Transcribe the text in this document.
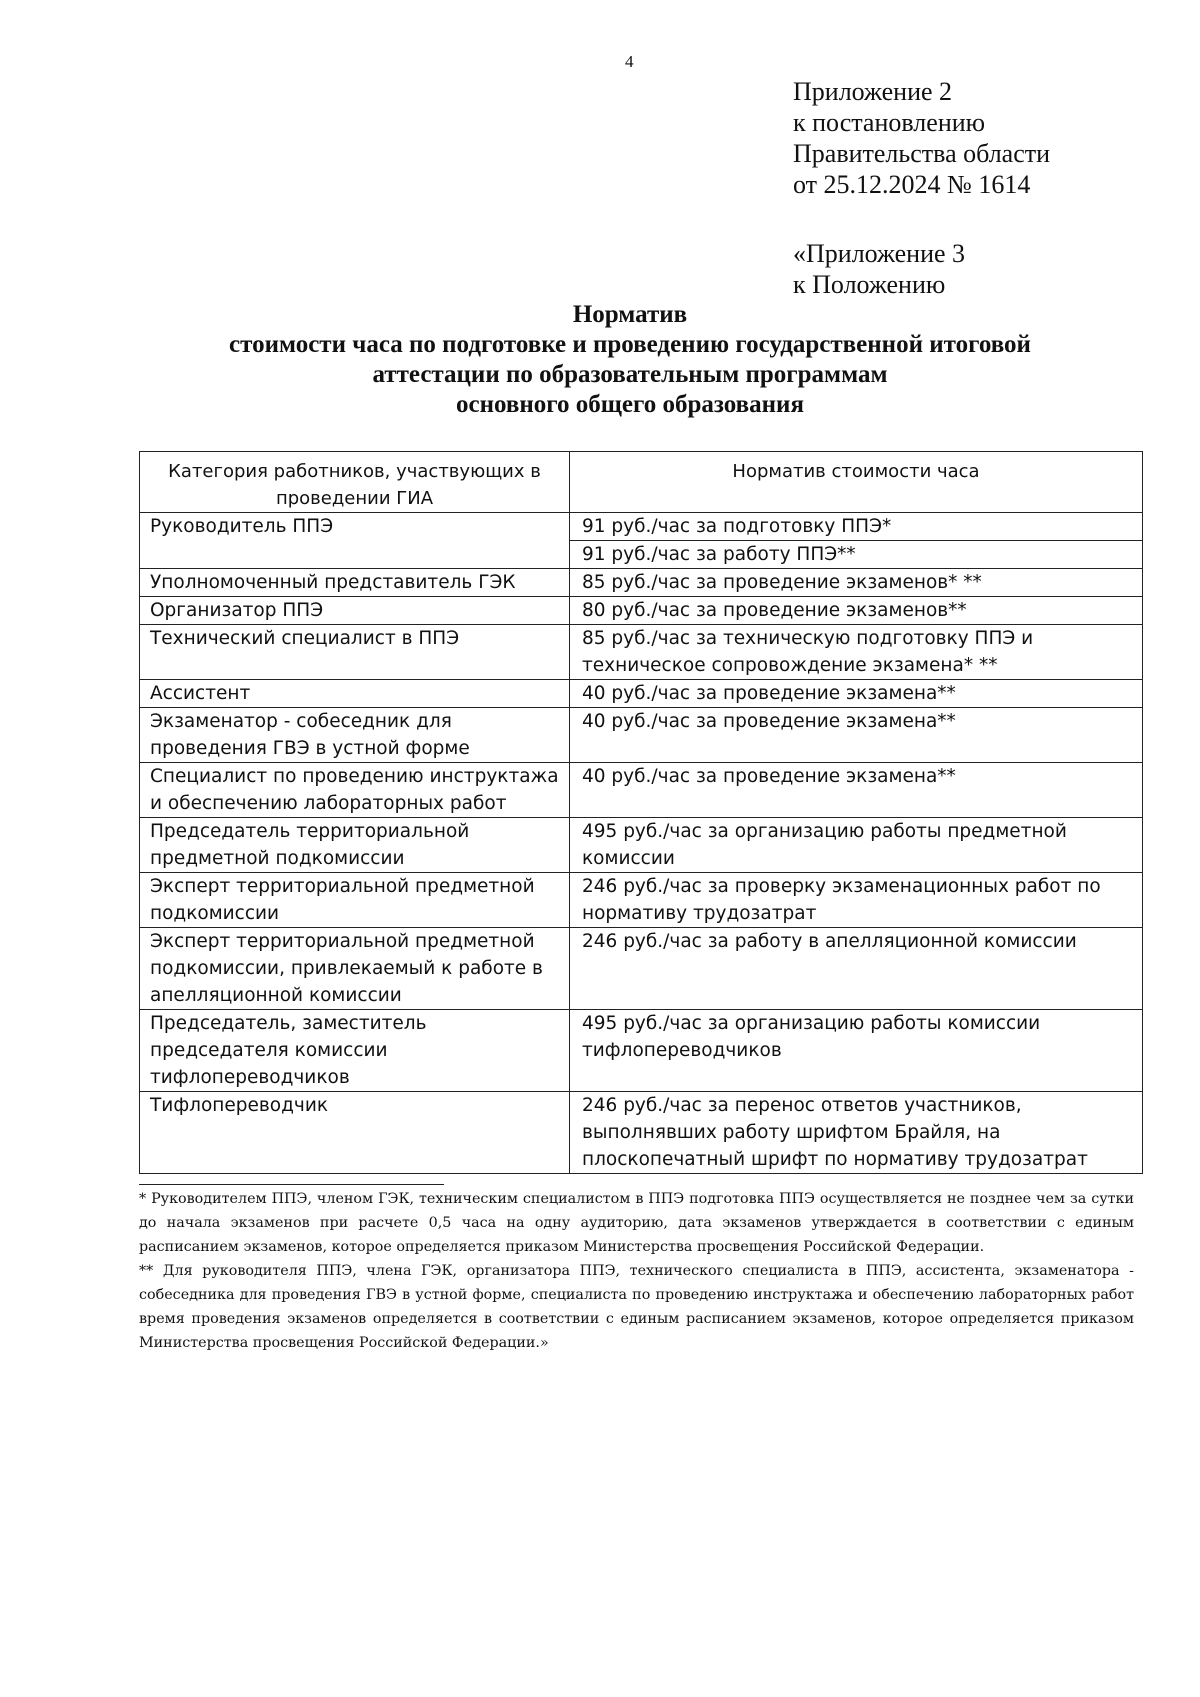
4
Приложение 2
к постановлению
Правительства области
от 25.12.2024 № 1614
«Приложение 3
к Положению
Норматив
стоимости часа по подготовке и проведению государственной итоговой
аттестации по образовательным программам
основного общего образования
Категория работников, участвующих в проведении ГИА	Норматив стоимости часа
Руководитель ППЭ	91 руб./час за подготовку ППЭ*
	91 руб./час за работу ППЭ**
Уполномоченный представитель ГЭК	85 руб./час за проведение экзаменов* **
Организатор ППЭ	80 руб./час за проведение экзаменов**
Технический специалист в ППЭ	85 руб./час за техническую подготовку ППЭ и техническое сопровождение экзамена* **
Ассистент	40 руб./час за проведение экзамена**
Экзаменатор - собеседник для проведения ГВЭ в устной форме	40 руб./час за проведение экзамена**
Специалист по проведению инструктажа и обеспечению лабораторных работ	40 руб./час за проведение экзамена**
Председатель территориальной предметной подкомиссии	495 руб./час за организацию работы предметной комиссии
Эксперт территориальной предметной подкомиссии	246 руб./час за проверку экзаменационных работ по нормативу трудозатрат
Эксперт территориальной предметной подкомиссии, привлекаемый к работе в апелляционной комиссии	246 руб./час за работу в апелляционной комиссии
Председатель, заместитель председателя комиссии тифлопереводчиков	495 руб./час за организацию работы комиссии тифлопереводчиков
Тифлопереводчик	246 руб./час за перенос ответов участников, выполнявших работу шрифтом Брайля, на плоскопечатный шрифт по нормативу трудозатрат

* Руководителем ППЭ, членом ГЭК, техническим специалистом в ППЭ подготовка ППЭ осуществляется не позднее чем за сутки до начала экзаменов при расчете 0,5 часа на одну аудиторию, дата экзаменов утверждается в соответствии с единым расписанием экзаменов, которое определяется приказом Министерства просвещения Российской Федерации.

** Для руководителя ППЭ, члена ГЭК, организатора ППЭ, технического специалиста в ППЭ, ассистента, экзаменатора - собеседника для проведения ГВЭ в устной форме, специалиста по проведению инструктажа и обеспечению лабораторных работ время проведения экзаменов определяется в соответствии с единым расписанием экзаменов, которое определяется приказом Министерства просвещения Российской Федерации.»
